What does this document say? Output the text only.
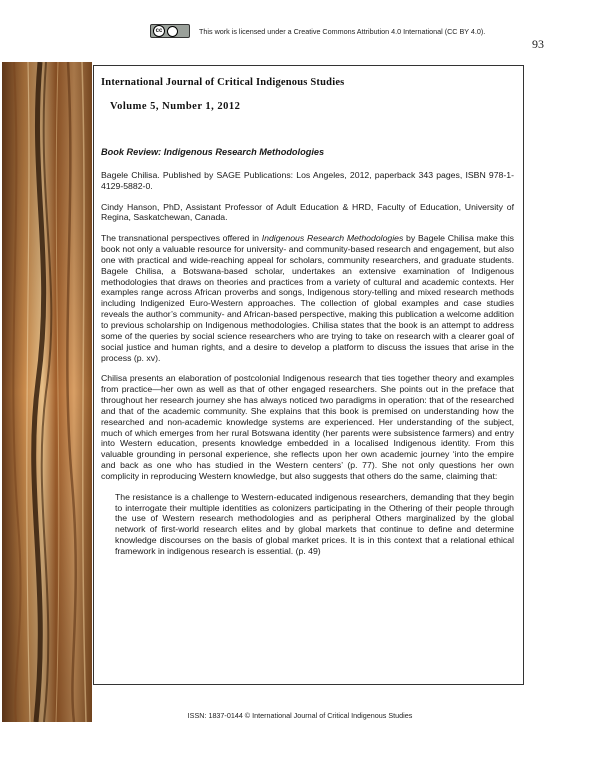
cc	This work is licensed under a Creative Commons Attribution 4.0 International (CC BY 4.0).
93
International Journal of Critical Indigenous Studies
Volume 5, Number 1, 2012

Book Review: Indigenous Research Methodologies

Bagele Chilisa. Published by SAGE Publications: Los Angeles, 2012, paperback 343 pages, ISBN 978-1-4129-5882-0.

Cindy Hanson, PhD, Assistant Professor of Adult Education & HRD, Faculty of Education, University of Regina, Saskatchewan, Canada.

The transnational perspectives offered in Indigenous Research Methodologies by Bagele Chilisa make this book not only a valuable resource for university- and community-based research and engagement, but also one with practical and wide-reaching appeal for scholars, community researchers, and graduate students. Bagele Chilisa, a Botswana-based scholar, undertakes an extensive examination of Indigenous methodologies that draws on theories and practices from a variety of cultural and academic contexts. Her examples range across African proverbs and songs, Indigenous story-telling and mixed research methods including Indigenized Euro-Western approaches. The collection of global examples and case studies reveals the author’s community- and African-based perspective, making this publication a welcome addition to previous scholarship on Indigenous methodologies. Chilisa states that the book is an attempt to address some of the queries by social science researchers who are trying to take on research with a clearer goal of social justice and human rights, and a desire to develop a platform to discuss the issues that arise in the process (p. xv).

Chilisa presents an elaboration of postcolonial Indigenous research that ties together theory and examples from practice—her own as well as that of other engaged researchers. She points out in the preface that throughout her research journey she has always noticed two paradigms in operation: that of the researched and that of the academic community. She explains that this book is premised on understanding how the researched and non-academic knowledge systems are experienced. Her understanding of the subject, much of which emerges from her rural Botswana identity (her parents were subsistence farmers) and entry into Western education, presents knowledge embedded in a localised Indigenous identity. From this valuable grounding in personal experience, she reflects upon her own academic journey ‘into the empire and back as one who has studied in the Western centers’ (p. 77). She not only questions her own complicity in reproducing Western knowledge, but also suggests that others do the same, claiming that:

The resistance is a challenge to Western-educated indigenous researchers, demanding that they begin to interrogate their multiple identities as colonizers participating in the Othering of their people through the use of Western research methodologies and as peripheral Others marginalized by the global network of first-world research elites and by global markets that continue to define and determine knowledge discourses on the basis of global market prices. It is in this context that a relational ethical framework in indigenous research is essential. (p. 49)

ISSN: 1837-0144 © International Journal of Critical Indigenous Studies
